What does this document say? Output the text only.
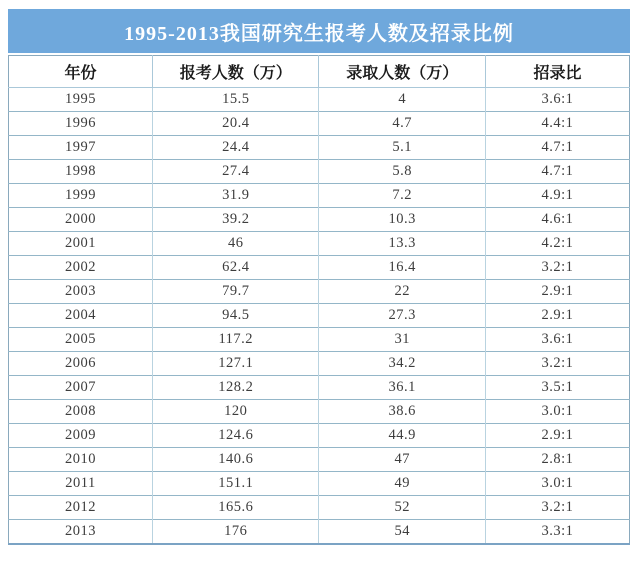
1995-2013我国研究生报考人数及招录比例
年份	报考人数（万）	录取人数（万）	招录比
1995	15.5	4	3.6:1
1996	20.4	4.7	4.4:1
1997	24.4	5.1	4.7:1
1998	27.4	5.8	4.7:1
1999	31.9	7.2	4.9:1
2000	39.2	10.3	4.6:1
2001	46	13.3	4.2:1
2002	62.4	16.4	3.2:1
2003	79.7	22	2.9:1
2004	94.5	27.3	2.9:1
2005	117.2	31	3.6:1
2006	127.1	34.2	3.2:1
2007	128.2	36.1	3.5:1
2008	120	38.6	3.0:1
2009	124.6	44.9	2.9:1
2010	140.6	47	2.8:1
2011	151.1	49	3.0:1
2012	165.6	52	3.2:1
2013	176	54	3.3:1
